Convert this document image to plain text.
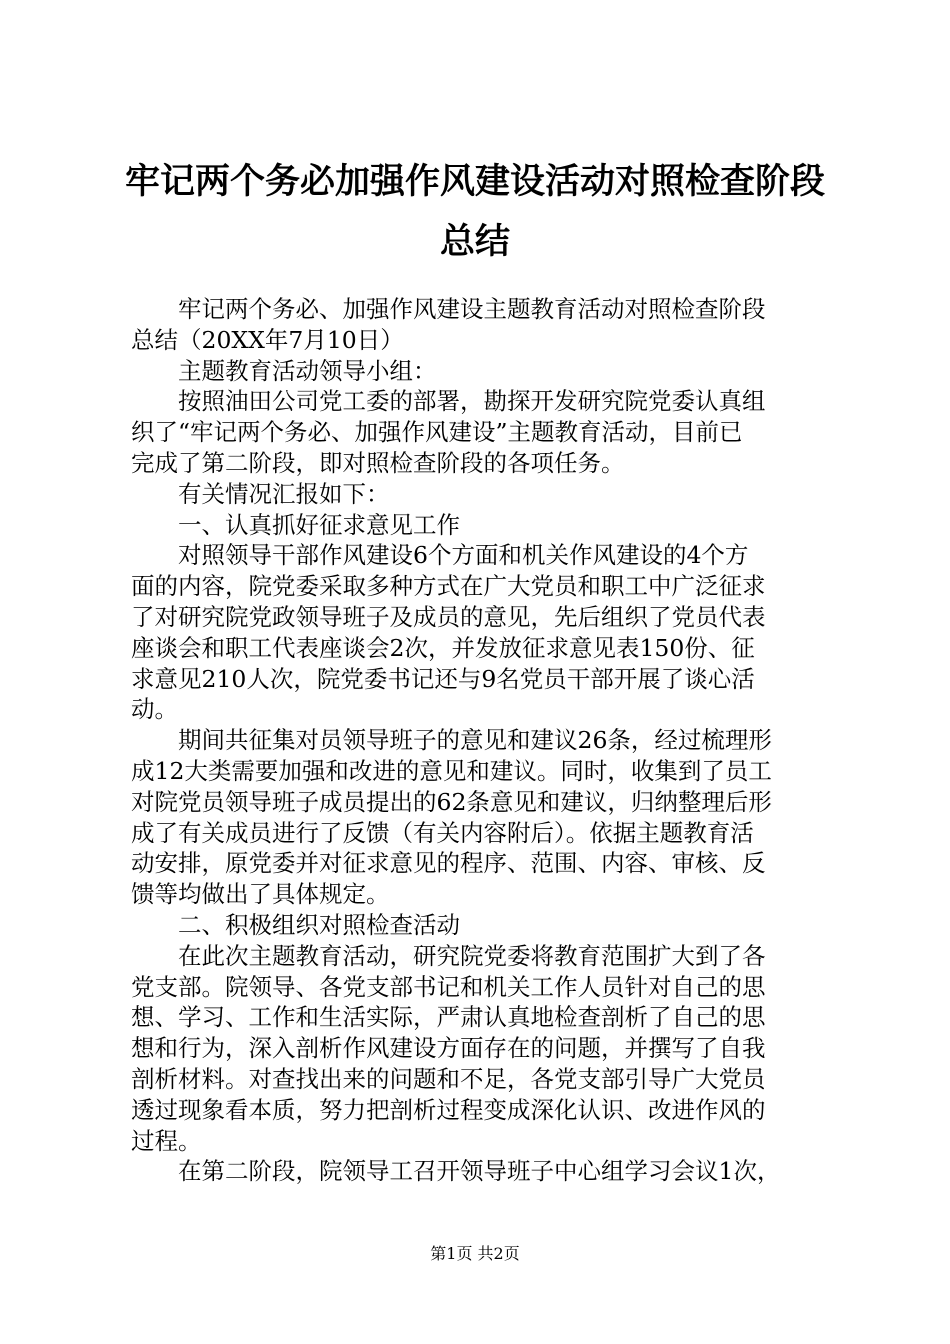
牢记两个务必加强作风建设活动对照检查阶段
总结
牢记两个务必、加强作风建设主题教育活动对照检查阶段
总结（20XX年7月10日）
主题教育活动领导小组：
按照油田公司党工委的部署，勘探开发研究院党委认真组
织了“牢记两个务必、加强作风建设”主题教育活动，目前已
完成了第二阶段，即对照检查阶段的各项任务。
有关情况汇报如下：
一、认真抓好征求意见工作
对照领导干部作风建设6个方面和机关作风建设的4个方
面的内容，院党委采取多种方式在广大党员和职工中广泛征求
了对研究院党政领导班子及成员的意见，先后组织了党员代表
座谈会和职工代表座谈会2次，并发放征求意见表150份、征
求意见210人次，院党委书记还与9名党员干部开展了谈心活
动。
期间共征集对员领导班子的意见和建议26条，经过梳理形
成12大类需要加强和改进的意见和建议。同时，收集到了员工
对院党员领导班子成员提出的62条意见和建议，归纳整理后形
成了有关成员进行了反馈（有关内容附后）。依据主题教育活
动安排，原党委并对征求意见的程序、范围、内容、审核、反
馈等均做出了具体规定。
二、积极组织对照检查活动
在此次主题教育活动，研究院党委将教育范围扩大到了各
党支部。院领导、各党支部书记和机关工作人员针对自己的思
想、学习、工作和生活实际，严肃认真地检查剖析了自己的思
想和行为，深入剖析作风建设方面存在的问题，并撰写了自我
剖析材料。对查找出来的问题和不足，各党支部引导广大党员
透过现象看本质，努力把剖析过程变成深化认识、改进作风的
过程。
在第二阶段，院领导工召开领导班子中心组学习会议1次，
第1页 共2页
